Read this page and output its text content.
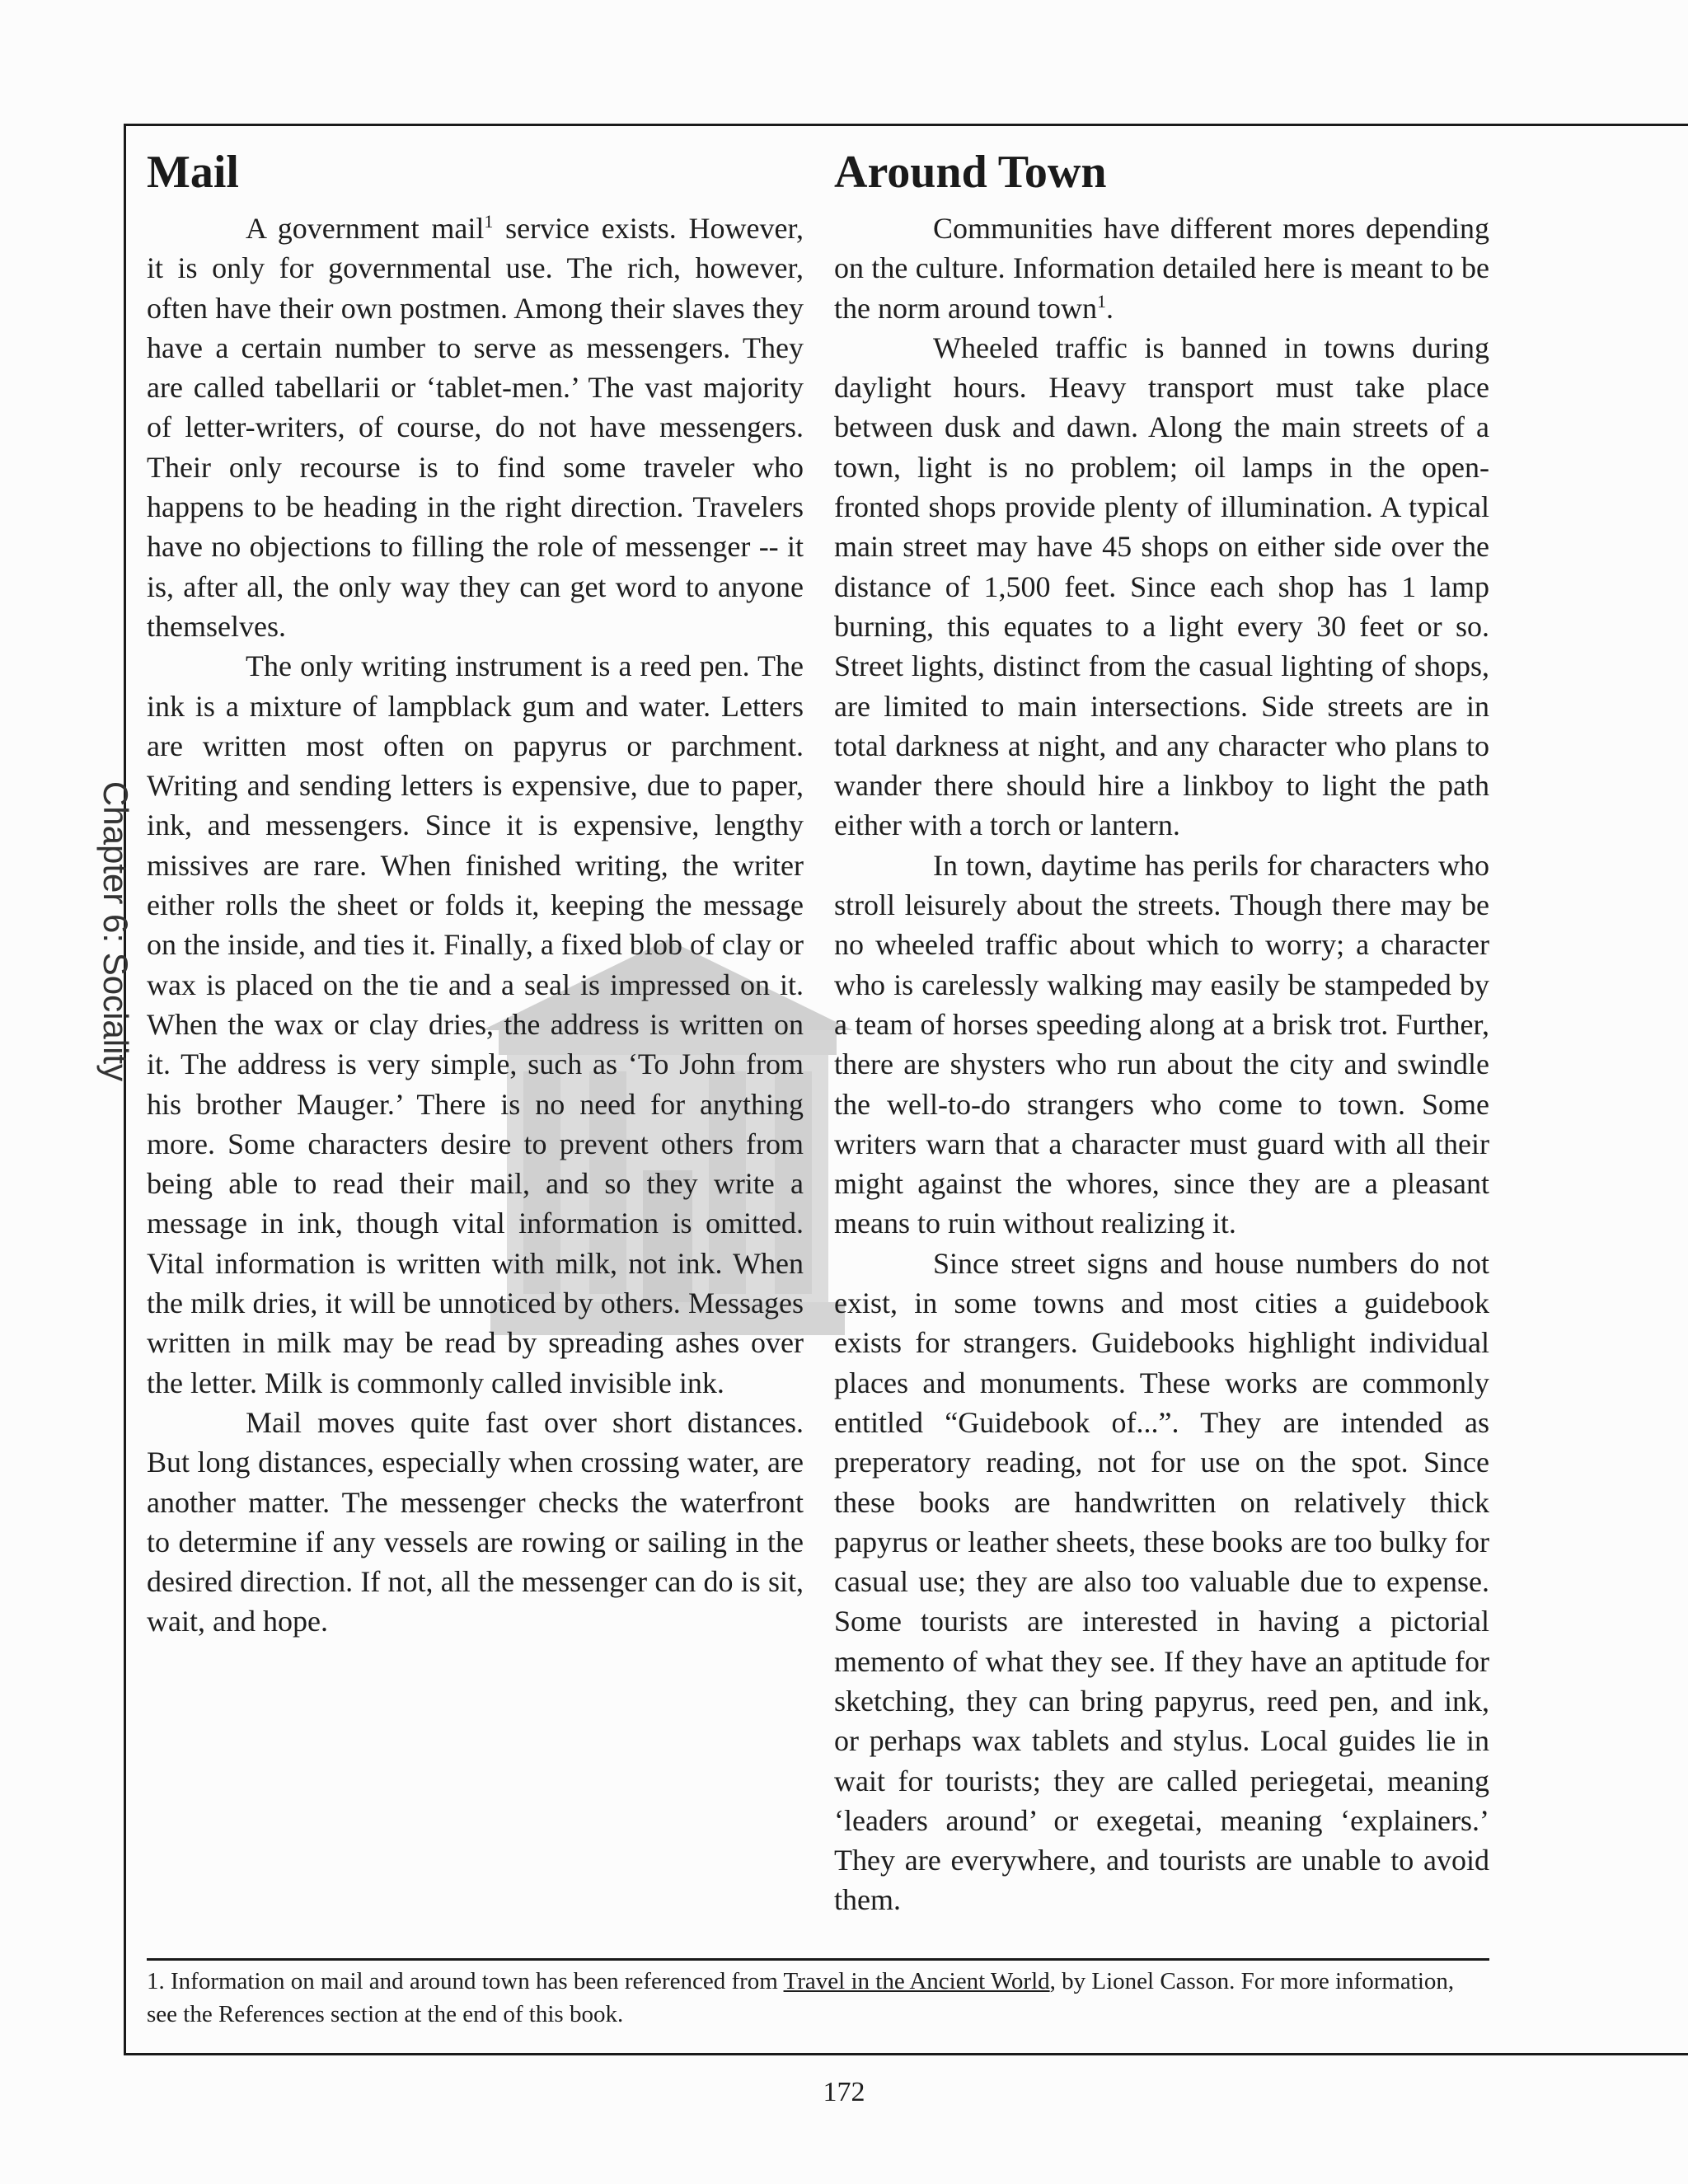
Chapter 6: Sociality
Mail

A government mail$^1$ service exists. However, it is only for governmental use. The rich, however, often have their own postmen. Among their slaves they have a certain number to serve as messengers. They are called tabellarii or ‘tablet-men.’ The vast majority of letter-writers, of course, do not have messengers. Their only recourse is to find some traveler who happens to be heading in the right direction. Travelers have no objections to filling the role of messenger -- it is, after all, the only way they can get word to anyone themselves.

The only writing instrument is a reed pen. The ink is a mixture of lampblack gum and water. Letters are written most often on papyrus or parchment. Writing and sending letters is expensive, due to paper, ink, and messengers. Since it is expensive, lengthy missives are rare. When finished writing, the writer either rolls the sheet or folds it, keeping the message on the inside, and ties it. Finally, a fixed blob of clay or wax is placed on the tie and a seal is impressed on it. When the wax or clay dries, the address is written on it. The address is very simple, such as ‘To John from his brother Mauger.’ There is no need for anything more. Some characters desire to prevent others from being able to read their mail, and so they write a message in ink, though vital information is omitted. Vital information is written with milk, not ink. When the milk dries, it will be unnoticed by others. Messages written in milk may be read by spreading ashes over the letter. Milk is commonly called invisible ink.

Mail moves quite fast over short distances. But long distances, especially when crossing water, are another matter. The messenger checks the waterfront to determine if any vessels are rowing or sailing in the desired direction. If not, all the messenger can do is sit, wait, and hope.

Around Town

Communities have different mores depending on the culture. Information detailed here is meant to be the norm around town$^1$.

Wheeled traffic is banned in towns during daylight hours. Heavy transport must take place between dusk and dawn. Along the main streets of a town, light is no problem; oil lamps in the open-fronted shops provide plenty of illumination. A typical main street may have 45 shops on either side over the distance of 1,500 feet. Since each shop has 1 lamp burning, this equates to a light every 30 feet or so. Street lights, distinct from the casual lighting of shops, are limited to main intersections. Side streets are in total darkness at night, and any character who plans to wander there should hire a linkboy to light the path either with a torch or lantern.

In town, daytime has perils for characters who stroll leisurely about the streets. Though there may be no wheeled traffic about which to worry; a character who is carelessly walking may easily be stampeded by a team of horses speeding along at a brisk trot. Further, there are shysters who run about the city and swindle the well-to-do strangers who come to town. Some writers warn that a character must guard with all their might against the whores, since they are a pleasant means to ruin without realizing it.

Since street signs and house numbers do not exist, in some towns and most cities a guidebook exists for strangers. Guidebooks highlight individual places and monuments. These works are commonly entitled “Guidebook of...”. They are intended as preperatory reading, not for use on the spot. Since these books are handwritten on relatively thick papyrus or leather sheets, these books are too bulky for casual use; they are also too valuable due to expense. Some tourists are interested in having a pictorial memento of what they see. If they have an aptitude for sketching, they can bring papyrus, reed pen, and ink, or perhaps wax tablets and stylus. Local guides lie in wait for tourists; they are called periegetai, meaning ‘leaders around’ or exegetai, meaning ‘explainers.’ They are everywhere, and tourists are unable to avoid them.

1. Information on mail and around town has been referenced from Travel in the Ancient World, by Lionel Casson. For more information, see the References section at the end of this book.
172
